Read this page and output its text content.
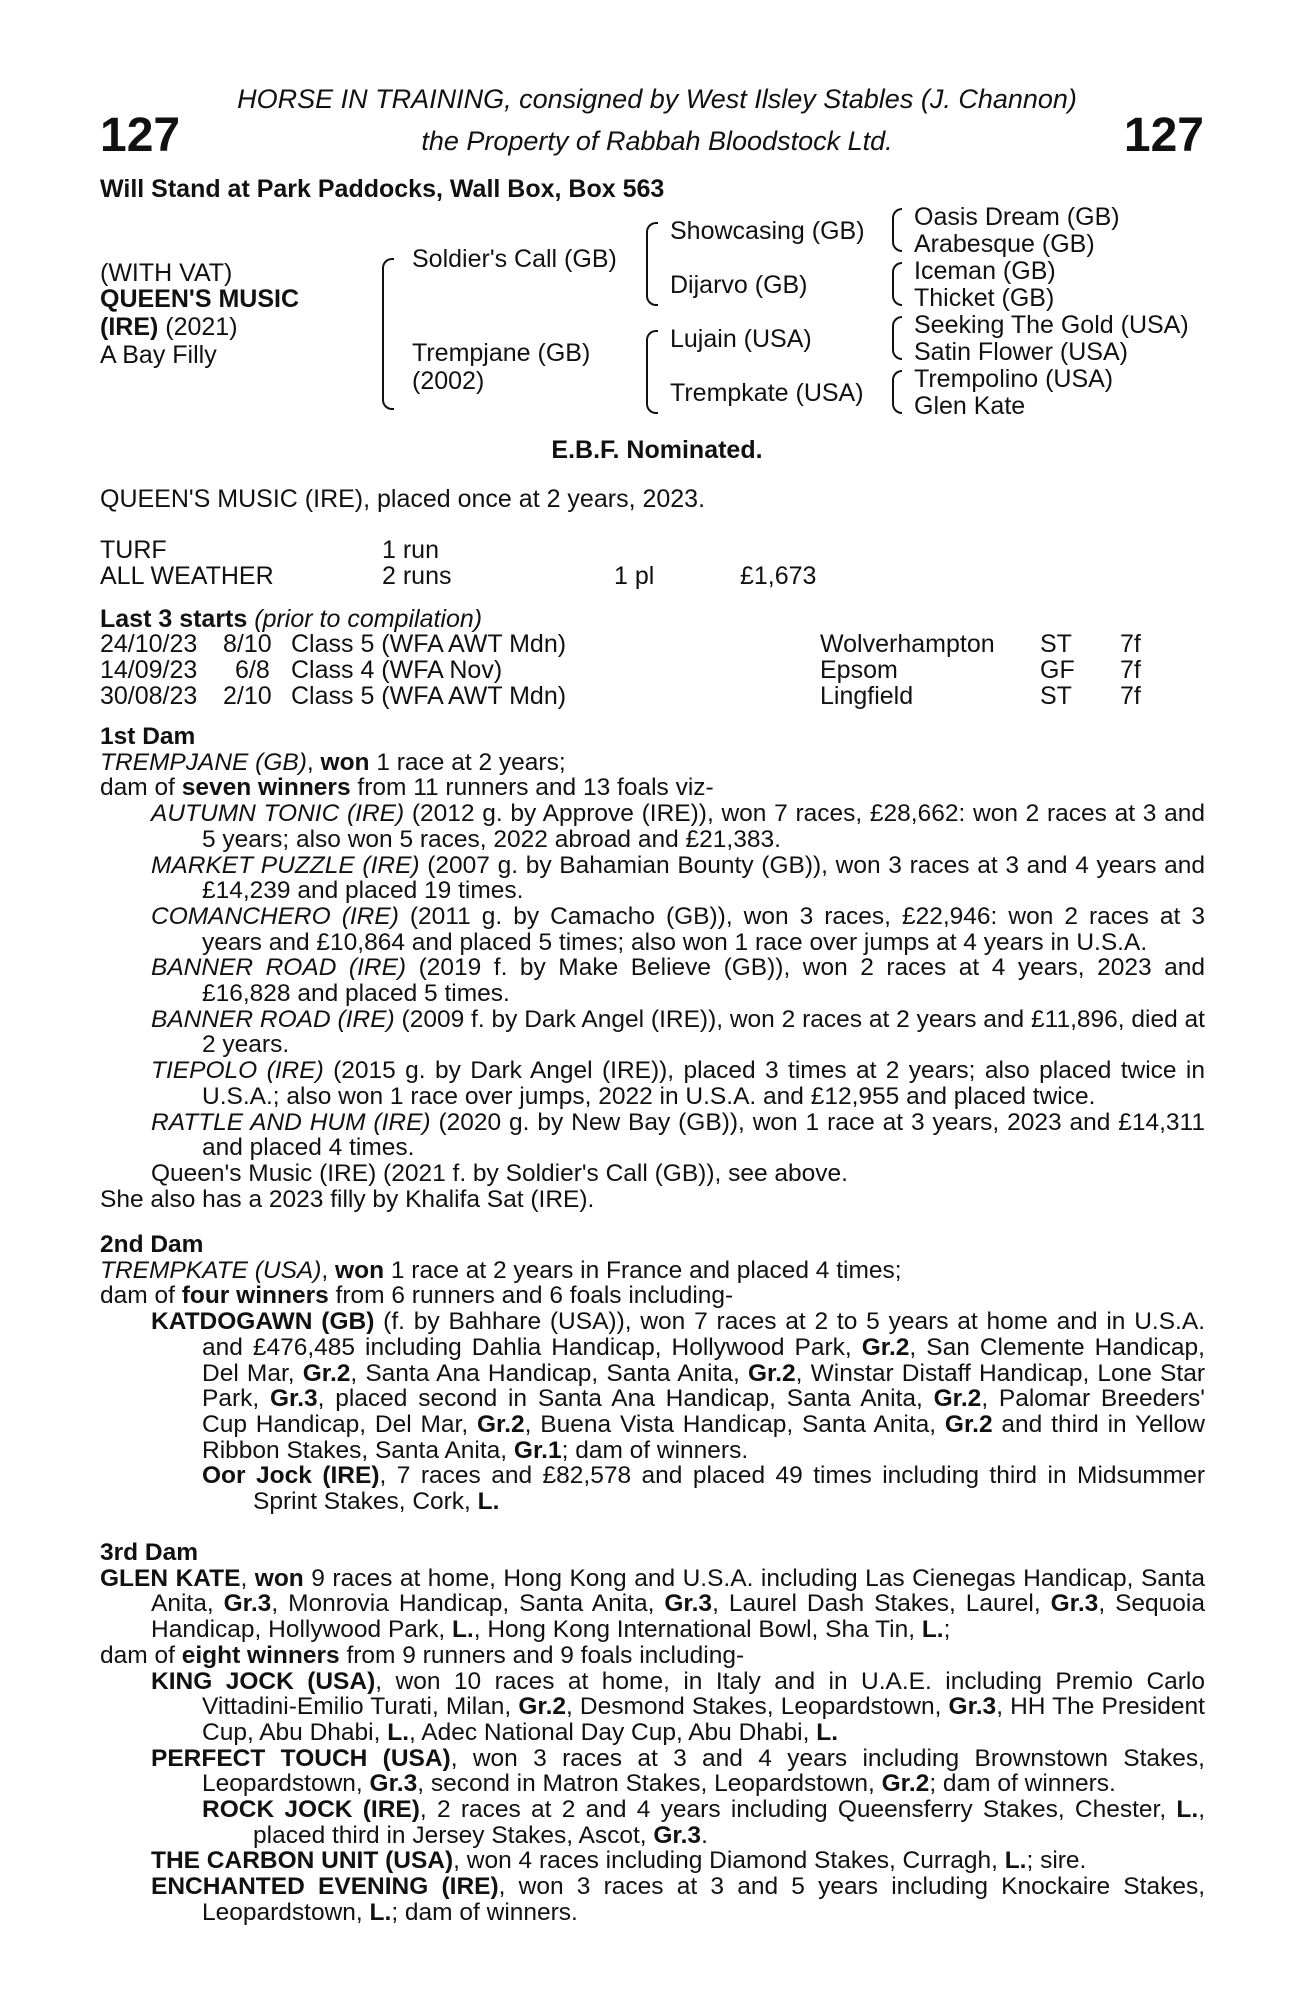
127	127
HORSE IN TRAINING, consigned by West Ilsley Stables (J. Channon)
the Property of Rabbah Bloodstock Ltd.
Will Stand at Park Paddocks, Wall Box, Box 563
(WITH VAT)
QUEEN'S MUSIC
(IRE) (2021)
A Bay Filly
Soldier's Call (GB)
Trempjane (GB)
(2002)
Showcasing (GB)
Dijarvo (GB)
Lujain (USA)
Trempkate (USA)
Oasis Dream (GB)
Arabesque (GB)
Iceman (GB)
Thicket (GB)
Seeking The Gold (USA)
Satin Flower (USA)
Trempolino (USA)
Glen Kate
E.B.F. Nominated.
QUEEN'S MUSIC (IRE), placed once at 2 years, 2023.
TURF	1 run
ALL WEATHER	2 runs	1 pl	£1,673
Last 3 starts (prior to compilation)
24/10/23 8/10 Class 5 (WFA AWT Mdn)	Wolverhampton ST 7f
14/09/23 6/8 Class 4 (WFA Nov)	Epsom	GF 7f
30/08/23 2/10 Class 5 (WFA AWT Mdn)	Lingfield	ST 7f
1st Dam
TREMPJANE (GB), won 1 race at 2 years;
dam of seven winners from 11 runners and 13 foals viz-
AUTUMN TONIC (IRE) (2012 g. by Approve (IRE)), won 7 races, £28,662: won 2 races at 3 and 5 years; also won 5 races, 2022 abroad and £21,383.
MARKET PUZZLE (IRE) (2007 g. by Bahamian Bounty (GB)), won 3 races at 3 and 4 years and £14,239 and placed 19 times.
COMANCHERO (IRE) (2011 g. by Camacho (GB)), won 3 races, £22,946: won 2 races at 3 years and £10,864 and placed 5 times; also won 1 race over jumps at 4 years in U.S.A.
BANNER ROAD (IRE) (2019 f. by Make Believe (GB)), won 2 races at 4 years, 2023 and £16,828 and placed 5 times.
BANNER ROAD (IRE) (2009 f. by Dark Angel (IRE)), won 2 races at 2 years and £11,896, died at 2 years.
TIEPOLO (IRE) (2015 g. by Dark Angel (IRE)), placed 3 times at 2 years; also placed twice in U.S.A.; also won 1 race over jumps, 2022 in U.S.A. and £12,955 and placed twice.
RATTLE AND HUM (IRE) (2020 g. by New Bay (GB)), won 1 race at 3 years, 2023 and £14,311 and placed 4 times.
Queen's Music (IRE) (2021 f. by Soldier's Call (GB)), see above.
She also has a 2023 filly by Khalifa Sat (IRE).
2nd Dam
TREMPKATE (USA), won 1 race at 2 years in France and placed 4 times;
dam of four winners from 6 runners and 6 foals including-
KATDOGAWN (GB) (f. by Bahhare (USA)), won 7 races at 2 to 5 years at home and in U.S.A. and £476,485 including Dahlia Handicap, Hollywood Park, Gr.2, San Clemente Handicap, Del Mar, Gr.2, Santa Ana Handicap, Santa Anita, Gr.2, Winstar Distaff Handicap, Lone Star Park, Gr.3, placed second in Santa Ana Handicap, Santa Anita, Gr.2, Palomar Breeders' Cup Handicap, Del Mar, Gr.2, Buena Vista Handicap, Santa Anita, Gr.2 and third in Yellow Ribbon Stakes, Santa Anita, Gr.1; dam of winners.
Oor Jock (IRE), 7 races and £82,578 and placed 49 times including third in Midsummer Sprint Stakes, Cork, L.
3rd Dam
GLEN KATE, won 9 races at home, Hong Kong and U.S.A. including Las Cienegas Handicap, Santa Anita, Gr.3, Monrovia Handicap, Santa Anita, Gr.3, Laurel Dash Stakes, Laurel, Gr.3, Sequoia Handicap, Hollywood Park, L., Hong Kong International Bowl, Sha Tin, L.;
dam of eight winners from 9 runners and 9 foals including-
KING JOCK (USA), won 10 races at home, in Italy and in U.A.E. including Premio Carlo Vittadini-Emilio Turati, Milan, Gr.2, Desmond Stakes, Leopardstown, Gr.3, HH The President Cup, Abu Dhabi, L., Adec National Day Cup, Abu Dhabi, L.
PERFECT TOUCH (USA), won 3 races at 3 and 4 years including Brownstown Stakes, Leopardstown, Gr.3, second in Matron Stakes, Leopardstown, Gr.2; dam of winners.
ROCK JOCK (IRE), 2 races at 2 and 4 years including Queensferry Stakes, Chester, L., placed third in Jersey Stakes, Ascot, Gr.3.
THE CARBON UNIT (USA), won 4 races including Diamond Stakes, Curragh, L.; sire.
ENCHANTED EVENING (IRE), won 3 races at 3 and 5 years including Knockaire Stakes, Leopardstown, L.; dam of winners.
